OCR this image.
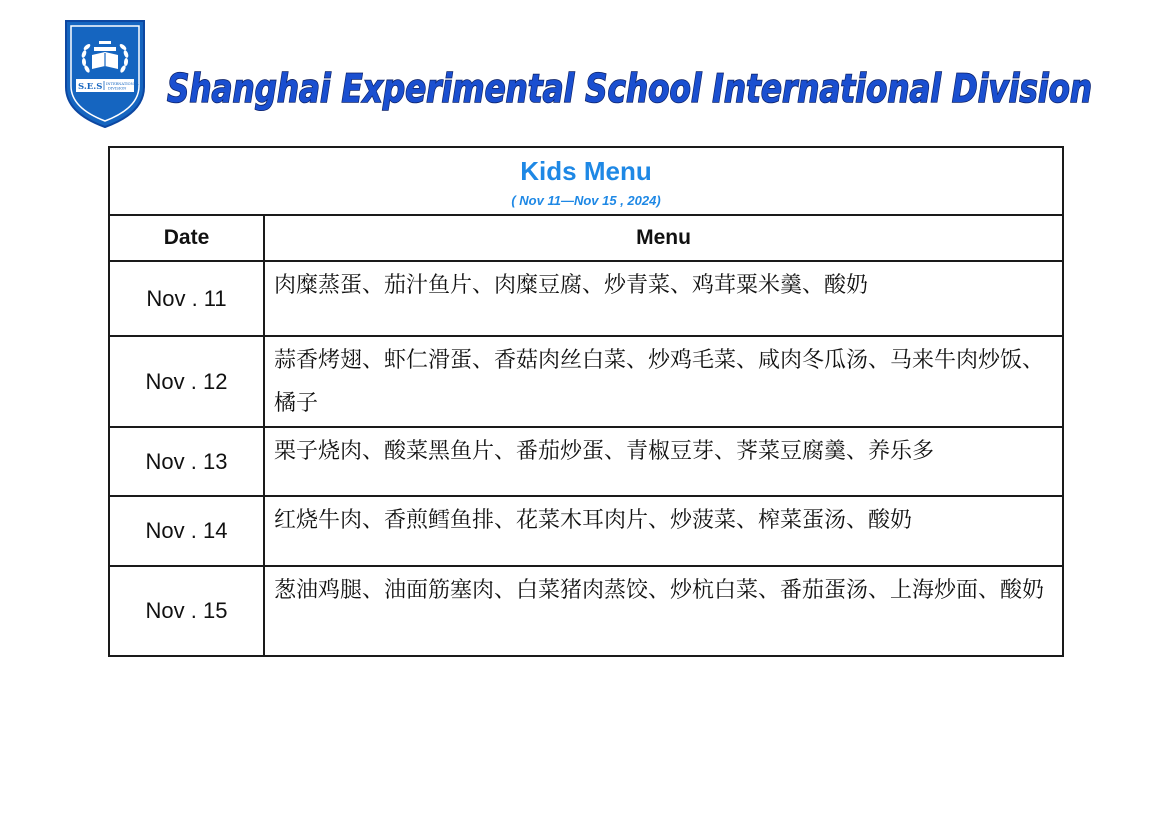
S.E.S INTERNATIONAL
DIVISION Shanghai Experimental School International Division
Kids Menu
( Nov 11—Nov 15 , 2024)	

Date	Menu
Nov . 11	肉糜蒸蛋、茄汁鱼片、肉糜豆腐、炒青菜、鸡茸粟米羹、酸奶
Nov . 12	蒜香烤翅、虾仁滑蛋、香菇肉丝白菜、炒鸡毛菜、咸肉冬瓜汤、马来牛肉炒饭、橘子
Nov . 13	栗子烧肉、酸菜黑鱼片、番茄炒蛋、青椒豆芽、荠菜豆腐羹、养乐多
Nov . 14	红烧牛肉、香煎鳕鱼排、花菜木耳肉片、炒菠菜、榨菜蛋汤、酸奶
Nov . 15	葱油鸡腿、油面筋塞肉、白菜猪肉蒸饺、炒杭白菜、番茄蛋汤、上海炒面、酸奶
